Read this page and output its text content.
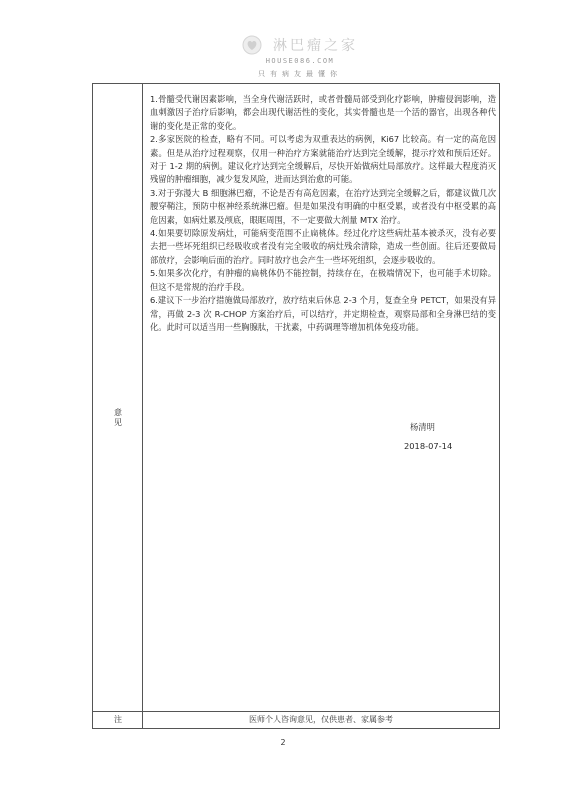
淋巴瘤之家
HOUSE086.COM
只有病友最懂你
意
见
注	医师个人咨询意见，仅供患者、家属参考

1.骨髓受代谢因素影响，当全身代谢活跃时，或者骨髓局部受到化疗影响，肿瘤侵润影响，造血刺激因子治疗后影响，都会出现代谢活性的变化，其实骨髓也是一个活的器官，出现各种代谢的变化是正常的变化。

2.多家医院的检查，略有不同。可以考虑为双重表达的病例，Ki67 比较高。有一定的高危因素。但是从治疗过程观察，仅用一种治疗方案就能治疗达到完全缓解，提示疗效和预后还好。对于 1-2 期的病例。建议化疗达到完全缓解后，尽快开始做病灶局部放疗。这样最大程度消灭残留的肿瘤细胞，减少复发风险，进而达到治愈的可能。

3.对于弥漫大 B 细胞淋巴瘤，不论是否有高危因素，在治疗达到完全缓解之后，都建议做几次腰穿鞘注，预防中枢神经系统淋巴瘤。但是如果没有明确的中枢受累，或者没有中枢受累的高危因素，如病灶累及颅底，眼眶周围，不一定要做大剂量 MTX 治疗。

4.如果要切除原发病灶，可能病变范围不止扁桃体。经过化疗这些病灶基本被杀灭，没有必要去把一些坏死组织已经吸收或者没有完全吸收的病灶残余清除，造成一些创面。往后还要做局部放疗，会影响后面的治疗。同时放疗也会产生一些坏死组织，会逐步吸收的。

5.如果多次化疗，有肿瘤的扁桃体仍不能控制，持续存在，在极端情况下，也可能手术切除。但这不是常规的治疗手段。

6.建议下一步治疗措施做局部放疗，放疗结束后休息 2-3 个月，复查全身 PETCT，如果没有异常，再做 2-3 次 R-CHOP 方案治疗后，可以结疗，并定期检查，观察局部和全身淋巴结的变化。此时可以适当用一些胸腺肽，干扰素，中药调理等增加机体免疫功能。

杨清明
2018-07-14
2
